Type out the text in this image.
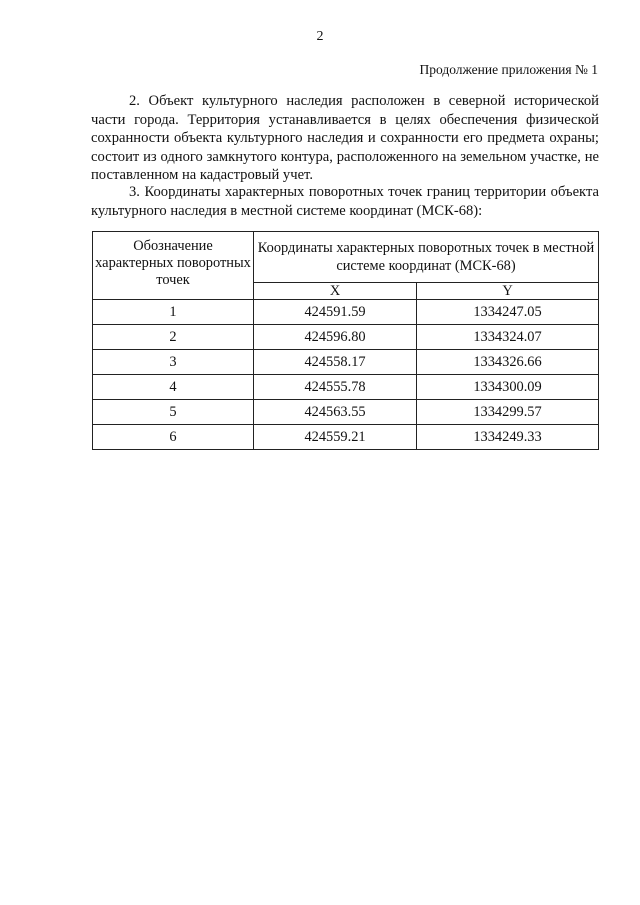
2
Продолжение приложения № 1

2. Объект культурного наследия расположен в северной исторической части города. Территория устанавливается в целях обеспечения физической сохранности объекта культурного наследия и сохранности его предмета охраны; состоит из одного замкнутого контура, расположенного на земельном участке, не поставленном на кадастровый учет.

3. Координаты характерных поворотных точек границ территории объекта культурного наследия в местной системе координат (МСК-68):

Обозначение характерных поворотных точек	Координаты характерных поворотных точек в местной системе координат (МСК-68)	
	X	Y
1	424591.59	1334247.05
2	424596.80	1334324.07
3	424558.17	1334326.66
4	424555.78	1334300.09
5	424563.55	1334299.57
6	424559.21	1334249.33
